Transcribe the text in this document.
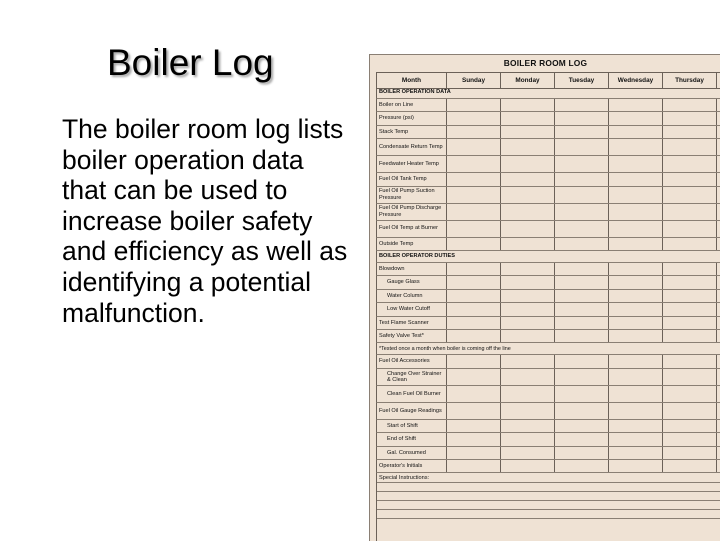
Boiler Log
The boiler room log lists boiler operation data that can be used to increase boiler safety and efficiency as well as identifying a potential malfunction.
BOILER ROOM LOG
Month	Sunday	Monday	Tuesday	Wednesday	Thursday
BOILER OPERATION DATA
Boiler on Line
Pressure (psi)
Stack Temp
Condensate Return Temp
Feedwater Heater Temp
Fuel Oil Tank Temp
Fuel Oil Pump Suction Pressure
Fuel Oil Pump Discharge Pressure
Fuel Oil Temp at Burner
Outside Temp
BOILER OPERATOR DUTIES
Blowdown
Gauge Glass
Water Column
Low Water Cutoff
Test Flame Scanner
Safety Valve Test*
*Tested once a month when boiler is coming off the line
Fuel Oil Accessories
Change Over Strainer & Clean
Clean Fuel Oil Burner
Fuel Oil Gauge Readings
Start of Shift
End of Shift
Gal. Consumed
Operator's Initials
Special Instructions:
